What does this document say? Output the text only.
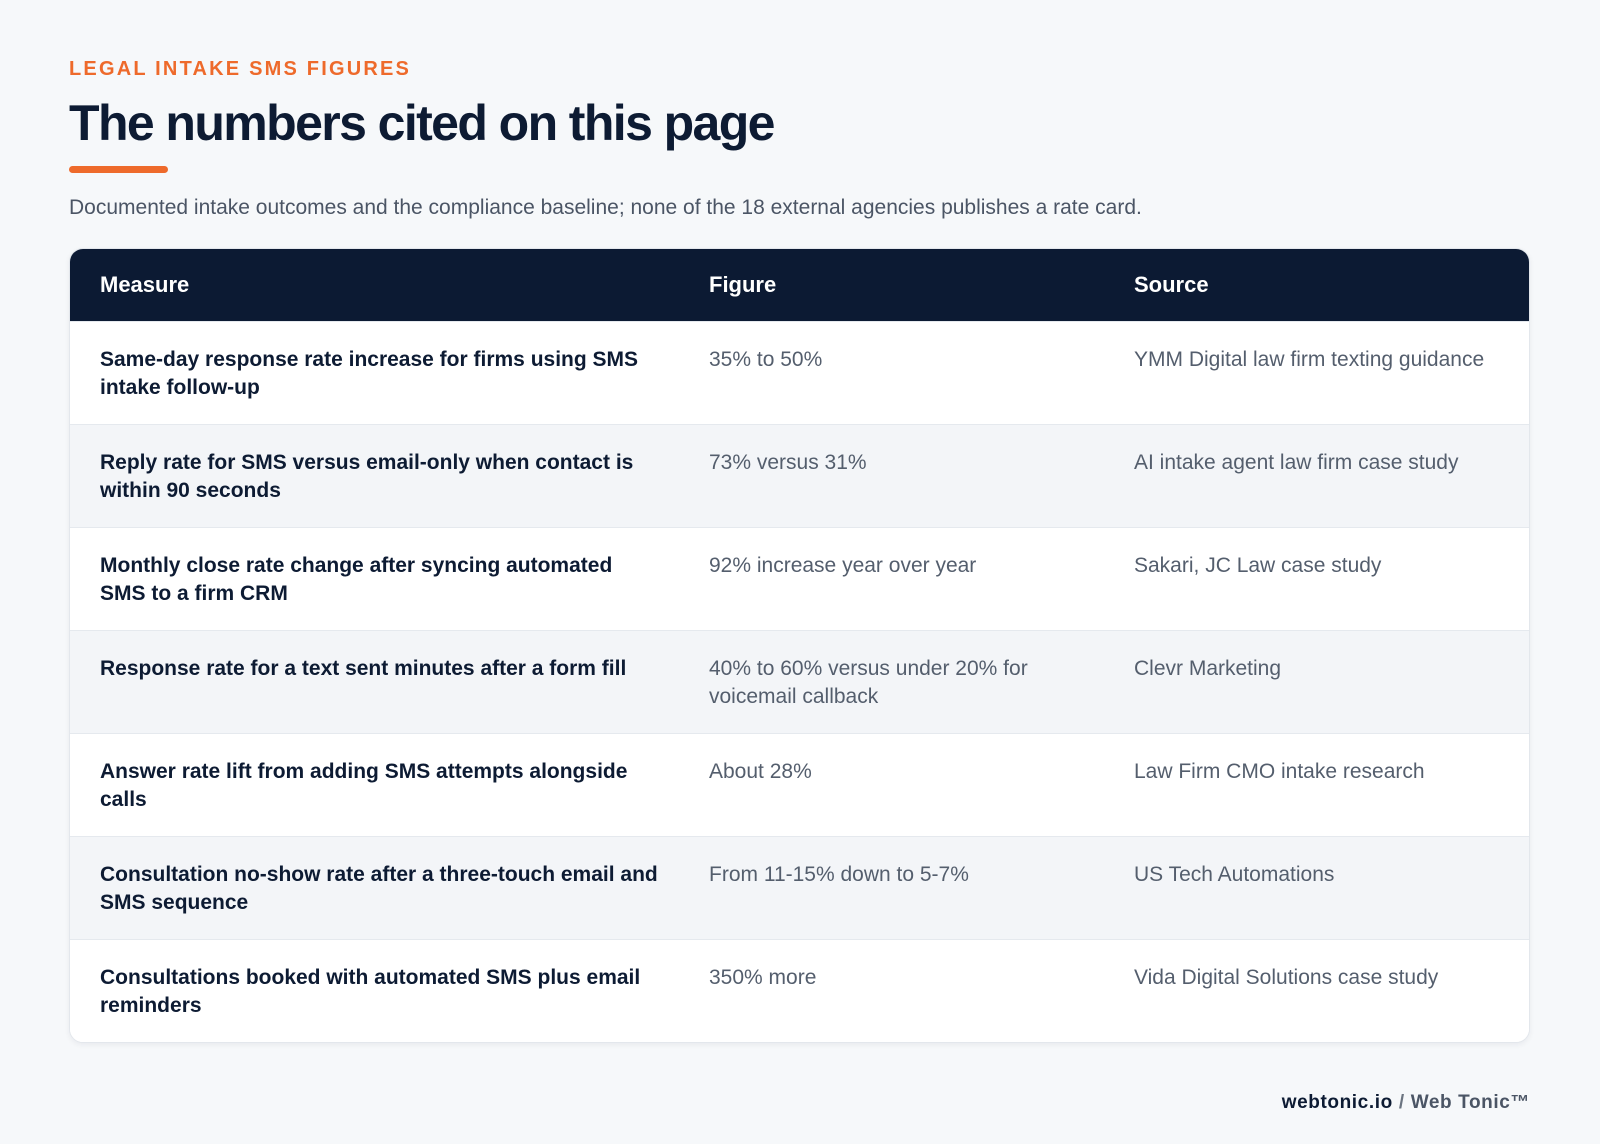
LEGAL INTAKE SMS FIGURES
The numbers cited on this page

Documented intake outcomes and the compliance baseline; none of the 18 external agencies publishes a rate card.

Measure	Figure	Source
Same-day response rate increase for firms using SMS intake follow-up	35% to 50%	YMM Digital law firm texting guidance
Reply rate for SMS versus email-only when contact is within 90 seconds	73% versus 31%	AI intake agent law firm case study
Monthly close rate change after syncing automated SMS to a firm CRM	92% increase year over year	Sakari, JC Law case study
Response rate for a text sent minutes after a form fill	40% to 60% versus under 20% for voicemail callback	Clevr Marketing
Answer rate lift from adding SMS attempts alongside calls	About 28%	Law Firm CMO intake research
Consultation no-show rate after a three-touch email and SMS sequence	From 11-15% down to 5-7%	US Tech Automations
Consultations booked with automated SMS plus email reminders	350% more	Vida Digital Solutions case study
webtonic.io / Web Tonic™
